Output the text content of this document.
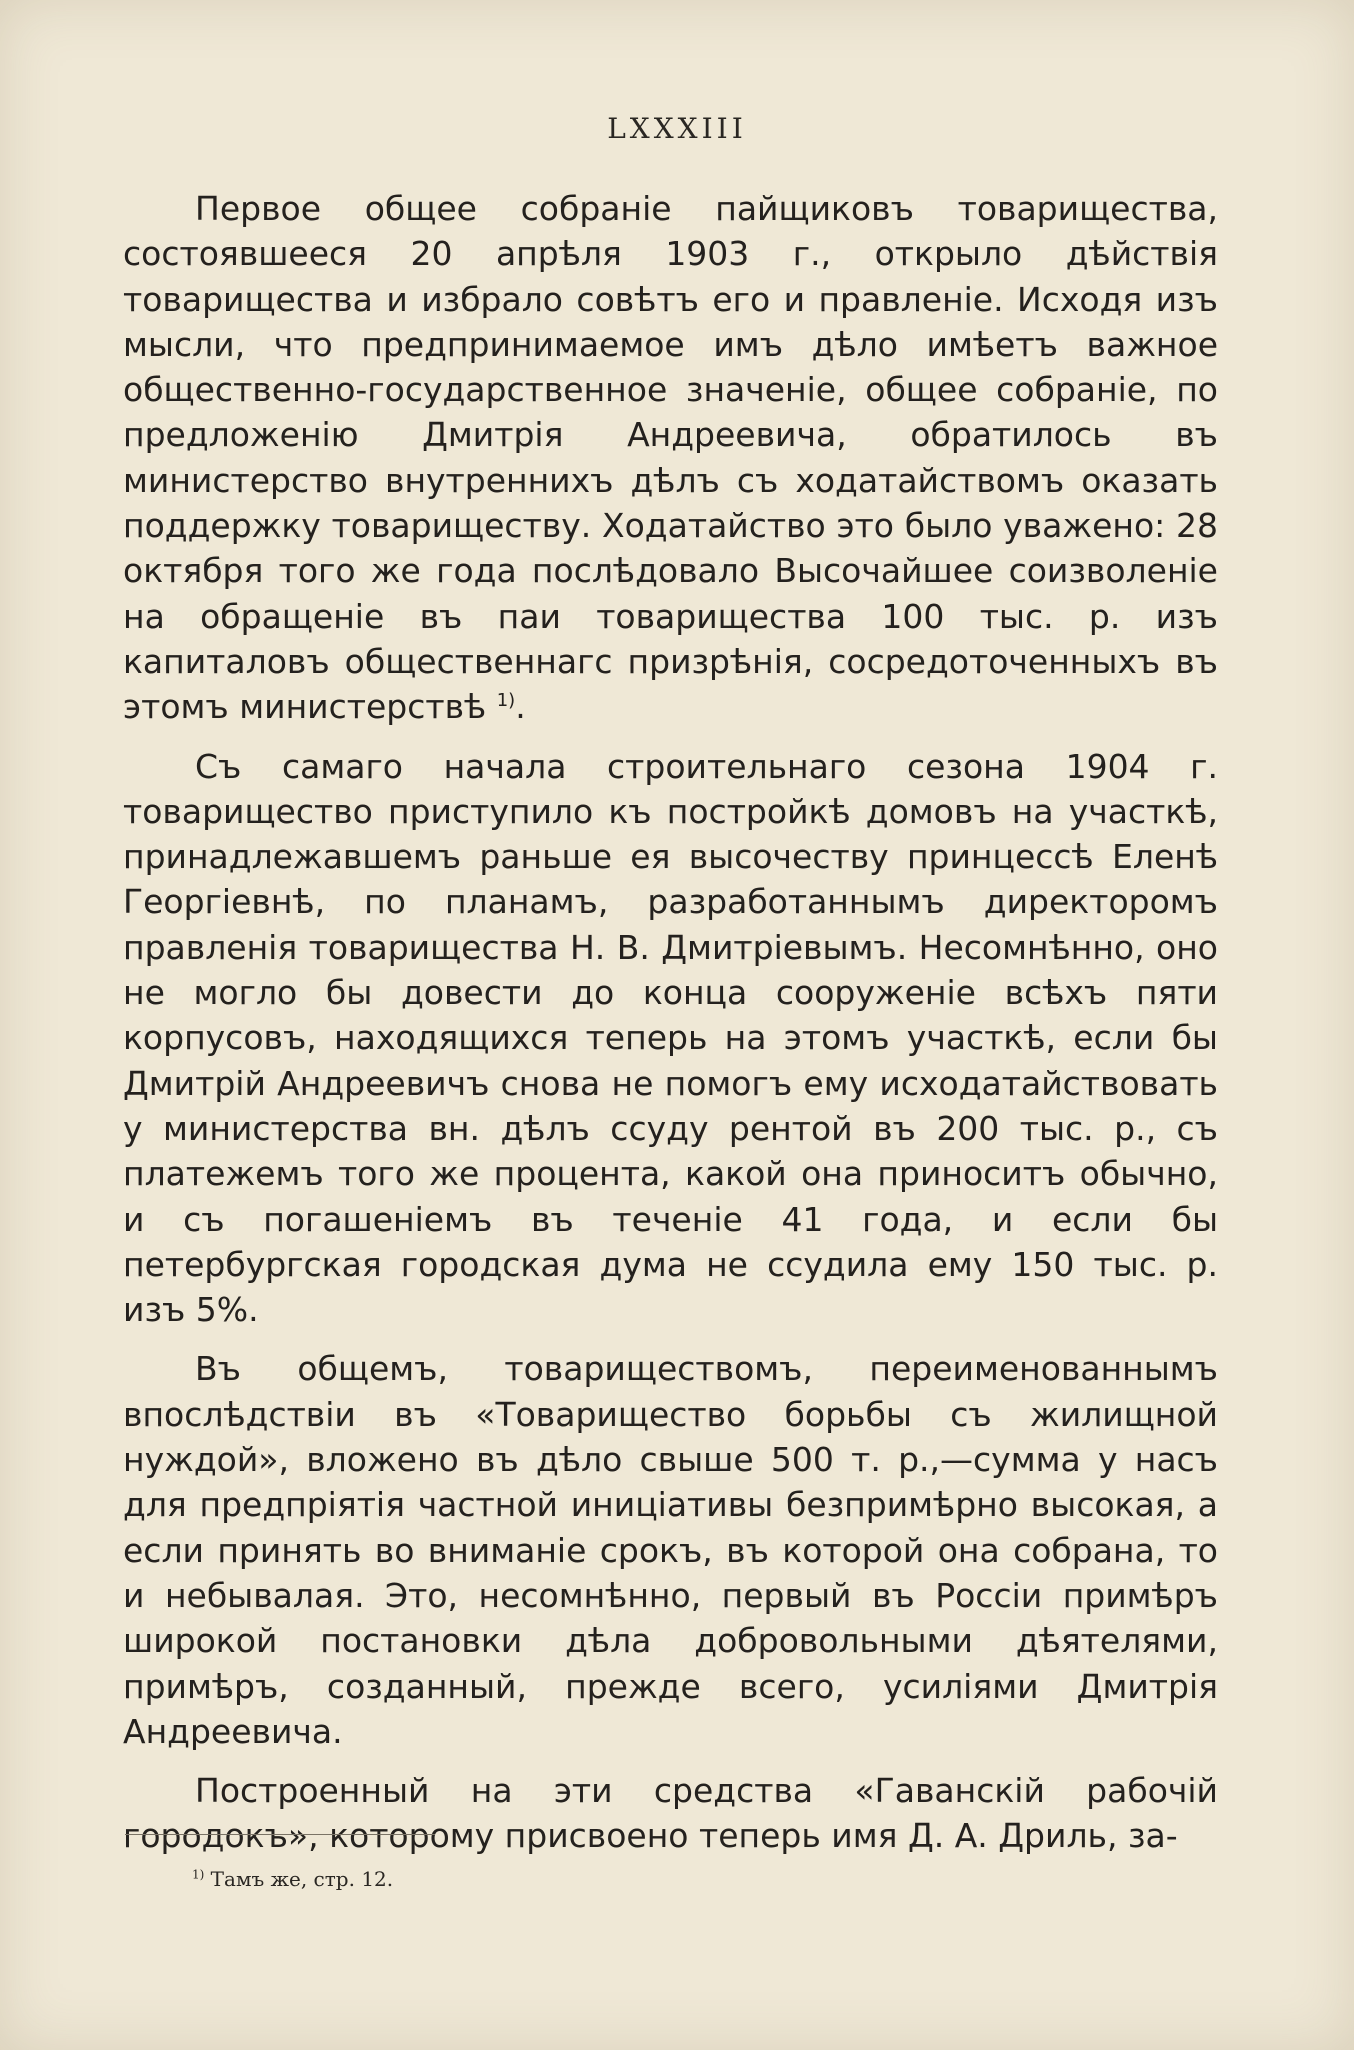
LXXXIII

Первое общее собраніе пайщиковъ товарищества, состоявшееся 20 апрѣля 1903 г., открыло дѣйствія товарищества и избрало совѣтъ его и правленіе. Исходя изъ мысли, что предпринимаемое имъ дѣло имѣетъ важное общественно-государственное значеніе, общее собраніе, по предложенію Дмитрія Андреевича, обратилось въ министерство внутреннихъ дѣлъ съ ходатайствомъ оказать поддержку товариществу. Ходатайство это было уважено: 28 октября того же года послѣдовало Высочайшее соизволеніе на обращеніе въ паи товарищества 100 тыс. р. изъ капиталовъ общественнагс призрѣнія, сосредоточенныхъ въ этомъ министерствѣ $^{1)}$.

Съ самаго начала строительнаго сезона 1904 г. товарищество приступило къ постройкѣ домовъ на участкѣ, принадлежавшемъ раньше ея высочеству принцессѣ Еленѣ Георгіевнѣ, по планамъ, разработаннымъ директоромъ правленія товарищества Н. В. Дмитріевымъ. Несомнѣнно, оно не могло бы довести до конца сооруженіе всѣхъ пяти корпусовъ, находящихся теперь на этомъ участкѣ, если бы Дмитрій Андреевичъ снова не помогъ ему исходатайствовать у министерства вн. дѣлъ ссуду рентой въ 200 тыс. р., съ платежемъ того же процента, какой она приноситъ обычно, и съ погашеніемъ въ теченіе 41 года, и если бы петербургская городская дума не ссудила ему 150 тыс. р. изъ 5%.

Въ общемъ, товариществомъ, переименованнымъ впослѣдствіи въ «Товарищество борьбы съ жилищной нуждой», вложено въ дѣло свыше 500 т. р.,—сумма у насъ для предпріятія частной иниціативы безпримѣрно высокая, а если принять во вниманіе срокъ, въ которой она собрана, то и небывалая. Это, несомнѣнно, первый въ Россіи примѣръ широкой постановки дѣла добровольными дѣятелями, примѣръ, созданный, прежде всего, усиліями Дмитрія Андреевича.

Построенный на эти средства «Гаванскій рабочій городокъ», которому присвоено теперь имя Д. А. Дриль, за-

$^{1)}$ Тамъ же, стр. 12.
